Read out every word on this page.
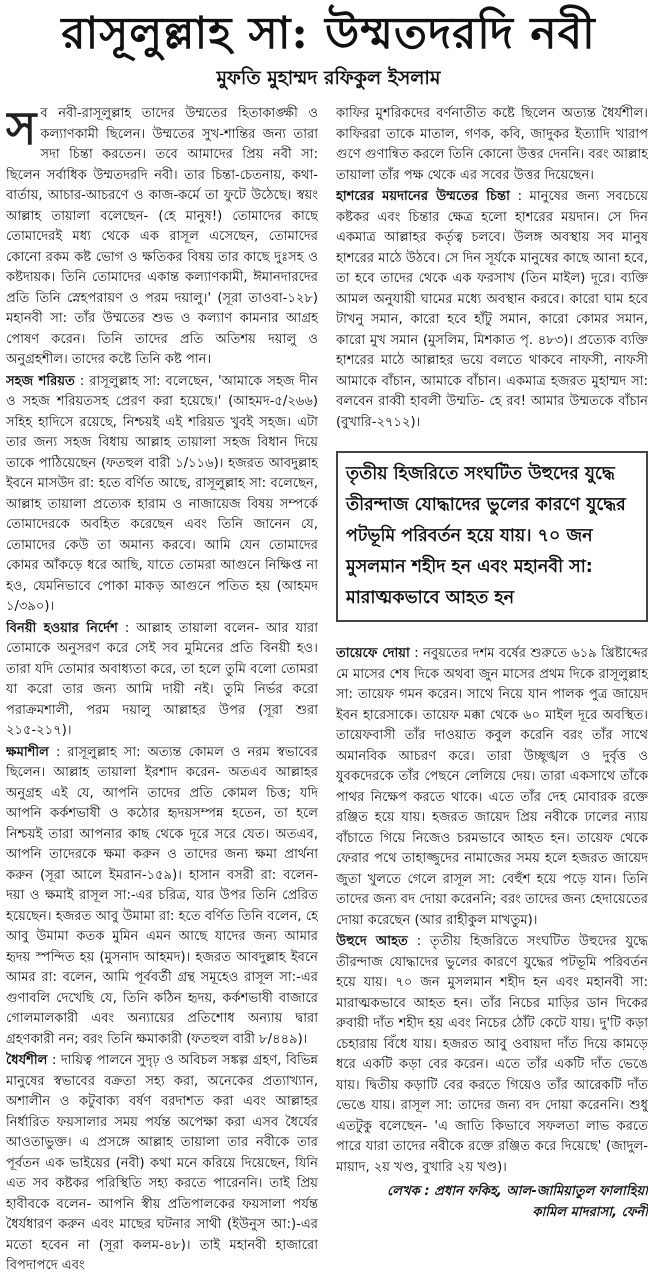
রাসূলুল্লাহ সা: উম্মতদরদি নবী
মুফতি মুহাম্মদ রফিকুল ইসলাম

সব নবী-রাসূলুল্লাহ তাদের উম্মতের হিতাকাঙ্ক্ষী ও কল্যাণকামী ছিলেন। উম্মতের সুখ-শান্তির জন্য তারা সদা চিন্তা করতেন। তবে আমাদের প্রিয় নবী সা: ছিলেন সর্বাধিক উম্মতদরদি নবী। তার চিন্তা-চেতনায়, কথা-বার্তায়, আচার-আচরণে ও কাজ-কর্মে তা ফুটে উঠেছে। স্বয়ং আল্লাহ তায়ালা বলেছেন- (হে মানুষ!) তোমাদের কাছে তোমাদেরই মধ্য থেকে এক রাসূল এসেছেন, তোমাদের কোনো রকম কষ্ট ভোগ ও ক্ষতিকর বিষয় তার কাছে দুঃসহ ও কষ্টদায়ক। তিনি তোমাদের একান্ত কল্যাণকামী, ঈমানদারদের প্রতি তিনি স্নেহপরায়ণ ও পরম দয়ালু।' (সূরা তাওবা-১২৮) মহানবী সা: তাঁর উম্মতের শুভ ও কল্যাণ কামনার আগ্রহ পোষণ করেন। তিনি তাদের প্রতি অতিশয় দয়ালু ও অনুগ্রহশীল। তাদের কষ্টে তিনি কষ্ট পান।

সহজ শরিয়ত : রাসূলুল্লাহ সা: বলেছেন, 'আমাকে সহজ দীন ও সহজ শরিয়তসহ প্রেরণ করা হয়েছে।' (আহমদ-৫/২৬৬) সহিহ হাদিসে রয়েছে, নিশ্চয়ই এই শরিয়ত খুবই সহজ। এটা তার জন্য সহজ বিধায় আল্লাহ তায়ালা সহজ বিধান দিয়ে তাকে পাঠিয়েছেন (ফতহুল বারী ১/১১৬)। হজরত আবদুল্লাহ ইবনে মাসউদ রা: হতে বর্ণিত আছে, রাসূলুল্লাহ সা: বলেছেন, আল্লাহ তায়ালা প্রত্যেক হারাম ও নাজায়েজ বিষয় সম্পর্কে তোমাদেরকে অবহিত করেছেন এবং তিনি জানেন যে, তোমাদের কেউ তা অমান্য করবে। আমি যেন তোমাদের কোমর আঁকড়ে ধরে আছি, যাতে তোমরা আগুনে নিক্ষিপ্ত না হও, যেমনিভাবে পোকা মাকড় আগুনে পতিত হয় (আহমদ ১/৩৯০)।

বিনয়ী হওয়ার নির্দেশ : আল্লাহ তায়ালা বলেন- আর যারা তোমাকে অনুসরণ করে সেই সব মুমিনের প্রতি বিনয়ী হও। তারা যদি তোমার অবাধ্যতা করে, তা হলে তুমি বলো তোমরা যা করো তার জন্য আমি দায়ী নই। তুমি নির্ভর করো পরাক্রমশালী, পরম দয়ালু আল্লাহর উপর (সূরা শুরা ২১৫-২১৭)।

ক্ষমাশীল : রাসূলুল্লাহ সা: অত্যন্ত কোমল ও নরম স্বভাবের ছিলেন। আল্লাহ তায়ালা ইরশাদ করেন- অতএব আল্লাহর অনুগ্রহ এই যে, আপনি তাদের প্রতি কোমল চিত্ত; যদি আপনি কর্কশভাষী ও কঠোর হৃদয়সম্পন্ন হতেন, তা হলে নিশ্চয়ই তারা আপনার কাছ থেকে দূরে সরে যেত। অতএব, আপনি তাদেরকে ক্ষমা করুন ও তাদের জন্য ক্ষমা প্রার্থনা করুন (সূরা আলে ইমরান-১৫৯)। হাসান বসরী রা: বলেন- দয়া ও ক্ষমাই রাসূল সা:-এর চরিত্র, যার উপর তিনি প্রেরিত হয়েছেন। হজরত আবু উমামা রা: হতে বর্ণিত তিনি বলেন, হে আবু উমামা কতক মুমিন এমন আছে যাদের জন্য আমার হৃদয় স্পন্দিত হয় (মুসনাদ আহমদ)। হজরত আবদুল্লাহ ইবনে আমর রা: বলেন, আমি পূর্ববর্তী গ্রন্থ সমূহেও রাসূল সা:-এর গুণাবলি দেখেছি যে, তিনি কঠিন হৃদয়, কর্কশভাষী বাজারে গোলমালকারী এবং অন্যায়ের প্রতিশোধ অন্যায় দ্বারা গ্রহণকারী নন; বরং তিনি ক্ষমাকারী (ফতহুল বারী ৮/৪৪৯)।

ধৈর্যশীল : দায়িত্ব পালনে সুদৃঢ় ও অবিচল সঙ্কল্প গ্রহণ, বিভিন্ন মানুষের স্বভাবের বক্রতা সহ্য করা, অনেকের প্রত্যাখ্যান, অশালীন ও কটুবাক্য বর্ষণ বরদাশত করা এবং আল্লাহর নির্ধারিত ফয়সালার সময় পর্যন্ত অপেক্ষা করা এসব ধৈর্যের আওতাভুক্ত। এ প্রসঙ্গে আল্লাহ তায়ালা তার নবীকে তার পূর্বতন এক ভাইয়ের (নবী) কথা মনে করিয়ে দিয়েছেন, যিনি এত সব কষ্টকর পরিস্থিতি সহ্য করতে পারেননি। তাই প্রিয় হাবীবকে বলেন- আপনি স্বীয় প্রতিপালকের ফয়সালা পর্যন্ত ধৈর্যধারণ করুন এবং মাছের ঘটনার সাথী (ইউনুস আ:)-এর মতো হবেন না (সূরা কলম-৪৮)। তাই মহানবী হাজারো বিপদাপদে এবং

কাফির মুশরিকদের বর্ণনাতীত কষ্টে ছিলেন অত্যন্ত ধৈর্যশীল। কাফিররা তাকে মাতাল, গণক, কবি, জাদুকর ইত্যাদি খারাপ গুণে গুণান্বিত করলে তিনি কোনো উত্তর দেননি। বরং আল্লাহ তায়ালা তাঁর পক্ষ থেকে এর সবের উত্তর দিয়েছেন।

হাশরের ময়দানের উম্মতের চিন্তা : মানুষের জন্য সবচেয়ে কষ্টকর এবং চিন্তার ক্ষেত্র হলো হাশরের ময়দান। সে দিন একমাত্র আল্লাহর কর্তৃত্ব চলবে। উলঙ্গ অবস্থায় সব মানুষ হাশরের মাঠে উঠবে। সে দিন সূর্যকে মানুষের কাছে আনা হবে, তা হবে তাদের থেকে এক ফরসাখ (তিন মাইল) দূরে। ব্যক্তি আমল অনুযায়ী ঘামের মধ্যে অবস্থান করবে। কারো ঘাম হবে টাখনু সমান, কারো হবে হাঁটু সমান, কারো কোমর সমান, কারো মুখ সমান (মুসলিম, মিশকাত পৃ. ৪৮৩)। প্রত্যেক ব্যক্তি হাশরের মাঠে আল্লাহর ভয়ে বলতে থাকবে নাফসী, নাফসী আমাকে বাঁচান, আমাকে বাঁচান। একমাত্র হজরত মুহাম্মদ সা: বলবেন রাব্বী হাবলী উম্মতি- হে রব! আমার উম্মতকে বাঁচান (বুখারি-২৭১২)।

তৃতীয় হিজরিতে সংঘটিত উহুদের যুদ্ধে তীরন্দাজ যোদ্ধাদের ভুলের কারণে যুদ্ধের পটভূমি পরিবর্তন হয়ে যায়। ৭০ জন মুসলমান শহীদ হন এবং মহানবী সা: মারাত্মকভাবে আহত হন

তায়েফে দোয়া : নবুয়তের দশম বর্ষের শুরুতে ৬১৯ খ্রিষ্টাব্দের মে মাসের শেষ দিকে অথবা জুন মাসের প্রথম দিকে রাসূলুল্লাহ সা: তায়েফ গমন করেন। সাথে নিয়ে যান পালক পুত্র জায়েদ ইবন হারেসাকে। তায়েফ মক্কা থেকে ৬০ মাইল দূরে অবস্থিত। তায়েফবাসী তাঁর দাওয়াত কবুল করেনি বরং তাঁর সাথে অমানবিক আচরণ করে। তারা উচ্ছৃঙ্খল ও দুর্বৃত্ত ও যুবকদেরকে তাঁর পেছনে লেলিয়ে দেয়। তারা একসাথে তাঁকে পাথর নিক্ষেপ করতে থাকে। এতে তাঁর দেহ মোবারক রক্তে রঞ্জিত হয়ে যায়। হজরত জায়েদ প্রিয় নবীকে ঢালের ন্যায় বাঁচাতে গিয়ে নিজেও চরমভাবে আহত হন। তায়েফ থেকে ফেরার পথে তাহাজ্জুদের নামাজের সময় হলে হজরত জায়েদ জুতা খুলতে গেলে রাসূল সা: বেহুঁশ হয়ে পড়ে যান। তিনি তাদের জন্য বদ দোয়া করেননি; বরং তাদের জন্য হেদায়েতের দোয়া করেছেন (আর রাহীকুল মাখতুম)।

উহুদে আহত : তৃতীয় হিজরিতে সংঘটিত উহুদের যুদ্ধে তীরন্দাজ যোদ্ধাদের ভুলের কারণে যুদ্ধের পটভূমি পরিবর্তন হয়ে যায়। ৭০ জন মুসলমান শহীদ হন এবং মহানবী সা: মারাত্মকভাবে আহত হন। তাঁর নিচের মাড়ির ডান দিকের রুবায়ী দাঁত শহীদ হয় এবং নিচের ঠোঁট কেটে যায়। দু'টি কড়া চেহারায় বিঁধে যায়। হজরত আবু ওবায়দা দাঁত দিয়ে কামড়ে ধরে একটি কড়া বের করেন। এতে তাঁর একটি দাঁত ভেঙে যায়। দ্বিতীয় কড়াটি বের করতে গিয়েও তাঁর আরেকটি দাঁত ভেঙে যায়। রাসূল সা: তাদের জন্য বদ দোয়া করেননি। শুধু এতটুকু বলেছেন- 'এ জাতি কিভাবে সফলতা লাভ করতে পারে যারা তাদের নবীকে রক্তে রঞ্জিত করে দিয়েছে' (জাদুল-মায়াদ, ২য় খণ্ড, বুখারি ২য় খণ্ড)।

লেখক : প্রধান ফকিহ, আল-জামিয়াতুল ফালাহিয়া
কামিল মাদরাসা, ফেনী
